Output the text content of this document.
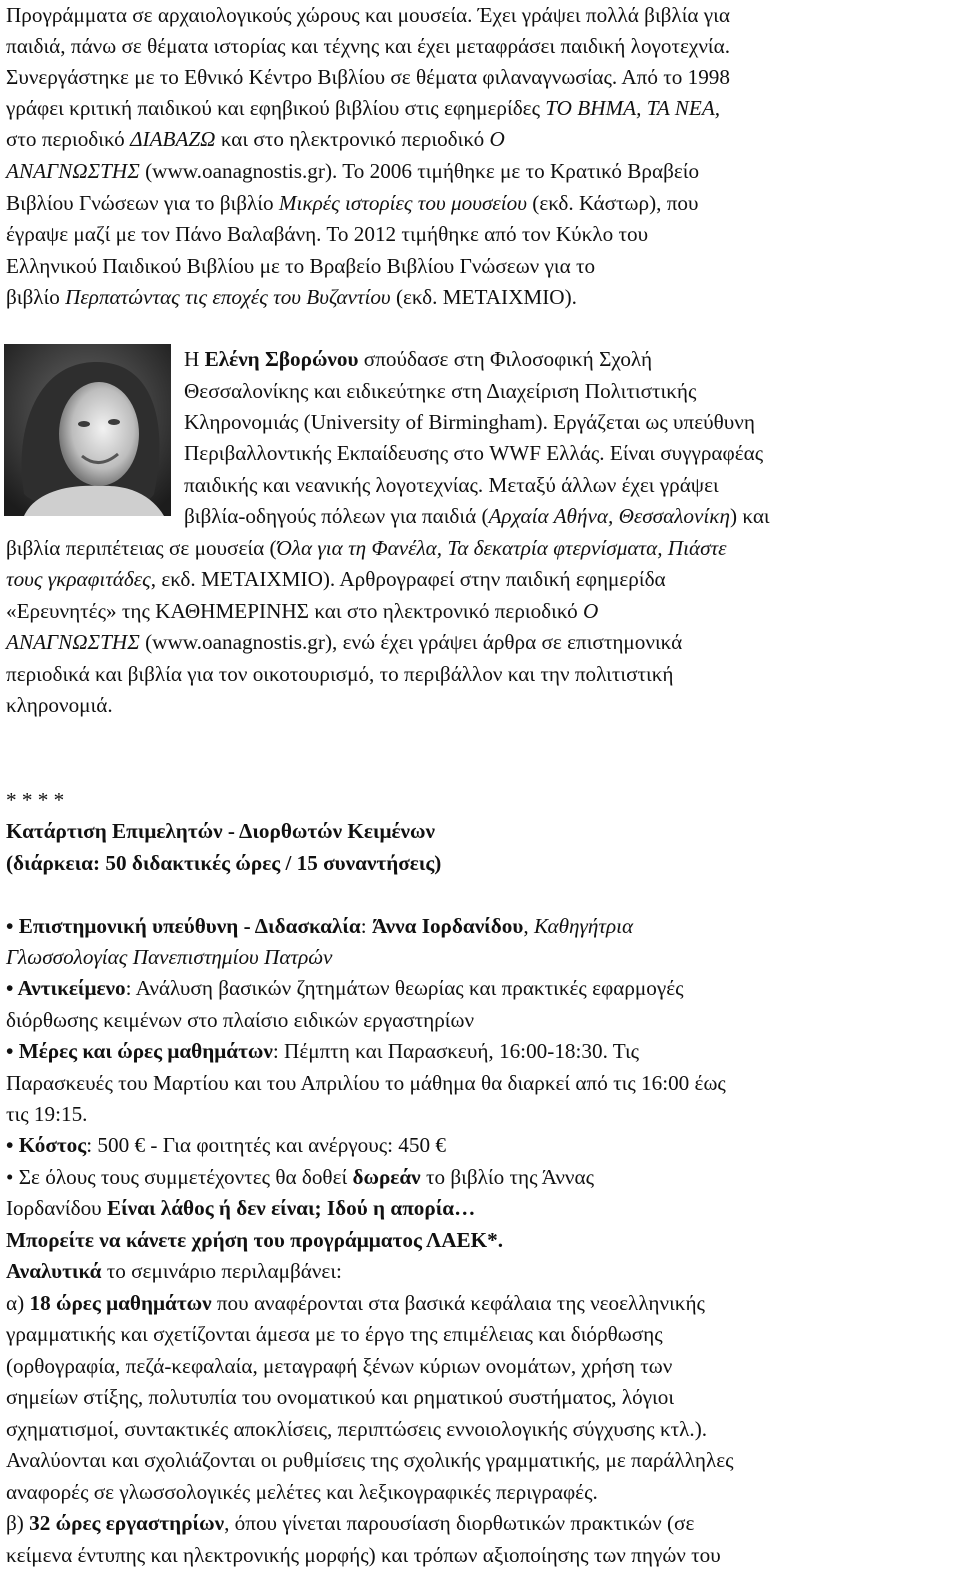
Προγράμματα σε αρχαιολογικούς χώρους και μουσεία. Έχει γράψει πολλά βιβλία για
παιδιά, πάνω σε θέματα ιστορίας και τέχνης και έχει μεταφράσει παιδική λογοτεχνία.
Συνεργάστηκε με το Εθνικό Κέντρο Βιβλίου σε θέματα φιλαναγνωσίας. Από το 1998
γράφει κριτική παιδικού και εφηβικού βιβλίου στις εφημερίδες ΤΟ ΒΗΜΑ, ΤΑ ΝΕΑ,
στο περιοδικό ΔΙΑΒΑΖΩ και στο ηλεκτρονικό περιοδικό Ο
ΑΝΑΓΝΩΣΤΗΣ (www.oanagnostis.gr). Το 2006 τιμήθηκε με το Κρατικό Βραβείο
Βιβλίου Γνώσεων για το βιβλίο Μικρές ιστορίες του μουσείου (εκδ. Κάστωρ), που
έγραψε μαζί με τον Πάνο Βαλαβάνη. Το 2012 τιμήθηκε από τον Κύκλο του
Ελληνικού Παιδικού Βιβλίου με το Βραβείο Βιβλίου Γνώσεων για το
βιβλίο Περπατώντας τις εποχές του Βυζαντίου (εκδ. ΜΕΤΑΙΧΜΙΟ).
Η Ελένη Σβορώνου σπούδασε στη Φιλοσοφική Σχολή
Θεσσαλονίκης και ειδικεύτηκε στη Διαχείριση Πολιτιστικής
Κληρονομιάς (University of Birmingham). Εργάζεται ως υπεύθυνη
Περιβαλλοντικής Εκπαίδευσης στο WWF Ελλάς. Είναι συγγραφέας
παιδικής και νεανικής λογοτεχνίας. Μεταξύ άλλων έχει γράψει
βιβλία-οδηγούς πόλεων για παιδιά (Αρχαία Αθήνα, Θεσσαλονίκη) και
βιβλία περιπέτειας σε μουσεία (Όλα για τη Φανέλα, Τα δεκατρία φτερνίσματα, Πιάστε
τους γκραφιτάδες, εκδ. ΜΕΤΑΙΧΜΙΟ). Αρθρογραφεί στην παιδική εφημερίδα
«Ερευνητές» της ΚΑΘΗΜΕΡΙΝΗΣ και στο ηλεκτρονικό περιοδικό Ο
ΑΝΑΓΝΩΣΤΗΣ (www.oanagnostis.gr), ενώ έχει γράψει άρθρα σε επιστημονικά
περιοδικά και βιβλία για τον οικοτουρισμό, το περιβάλλον και την πολιτιστική
κληρονομιά.
* * * *
Κατάρτιση Επιμελητών - Διορθωτών Κειμένων
(διάρκεια: 50 διδακτικές ώρες / 15 συναντήσεις)
• Επιστημονική υπεύθυνη - Διδασκαλία: Άννα Ιορδανίδου, Καθηγήτρια
Γλωσσολογίας Πανεπιστημίου Πατρών
• Αντικείμενο: Ανάλυση βασικών ζητημάτων θεωρίας και πρακτικές εφαρμογές
διόρθωσης κειμένων στο πλαίσιο ειδικών εργαστηρίων
• Μέρες και ώρες μαθημάτων: Πέμπτη και Παρασκευή, 16:00-18:30. Τις
Παρασκευές του Μαρτίου και του Απριλίου το μάθημα θα διαρκεί από τις 16:00 έως
τις 19:15.
• Κόστος: 500 € - Για φοιτητές και ανέργους: 450 €
• Σε όλους τους συμμετέχοντες θα δοθεί δωρεάν το βιβλίο της Άννας
Ιορδανίδου Είναι λάθος ή δεν είναι; Ιδού η απορία…
Μπορείτε να κάνετε χρήση του προγράμματος ΛΑΕΚ*.
Αναλυτικά το σεμινάριο περιλαμβάνει:
α) 18 ώρες μαθημάτων που αναφέρονται στα βασικά κεφάλαια της νεοελληνικής
γραμματικής και σχετίζονται άμεσα με το έργο της επιμέλειας και διόρθωσης
(ορθογραφία, πεζά-κεφαλαία, μεταγραφή ξένων κύριων ονομάτων, χρήση των
σημείων στίξης, πολυτυπία του ονοματικού και ρηματικού συστήματος, λόγιοι
σχηματισμοί, συντακτικές αποκλίσεις, περιπτώσεις εννοιολογικής σύγχυσης κτλ.).
Αναλύονται και σχολιάζονται οι ρυθμίσεις της σχολικής γραμματικής, με παράλληλες
αναφορές σε γλωσσολογικές μελέτες και λεξικογραφικές περιγραφές.
β) 32 ώρες εργαστηρίων, όπου γίνεται παρουσίαση διορθωτικών πρακτικών (σε
κείμενα έντυπης και ηλεκτρονικής μορφής) και τρόπων αξιοποίησης των πηγών του
